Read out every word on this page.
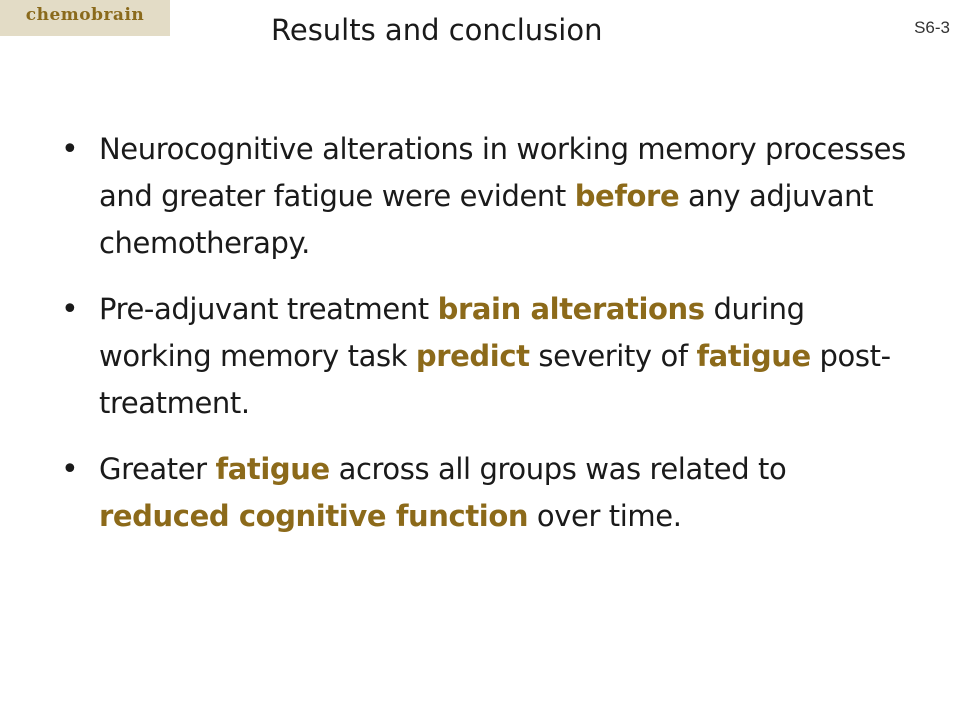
chemobrain	Results and conclusion	S6-3
• Neurocognitive alterations in working memory processes and greater fatigue were evident before any adjuvant chemotherapy.
• Pre-adjuvant treatment brain alterations during working memory task predict severity of fatigue post-treatment.
• Greater fatigue across all groups was related to reduced cognitive function over time.
